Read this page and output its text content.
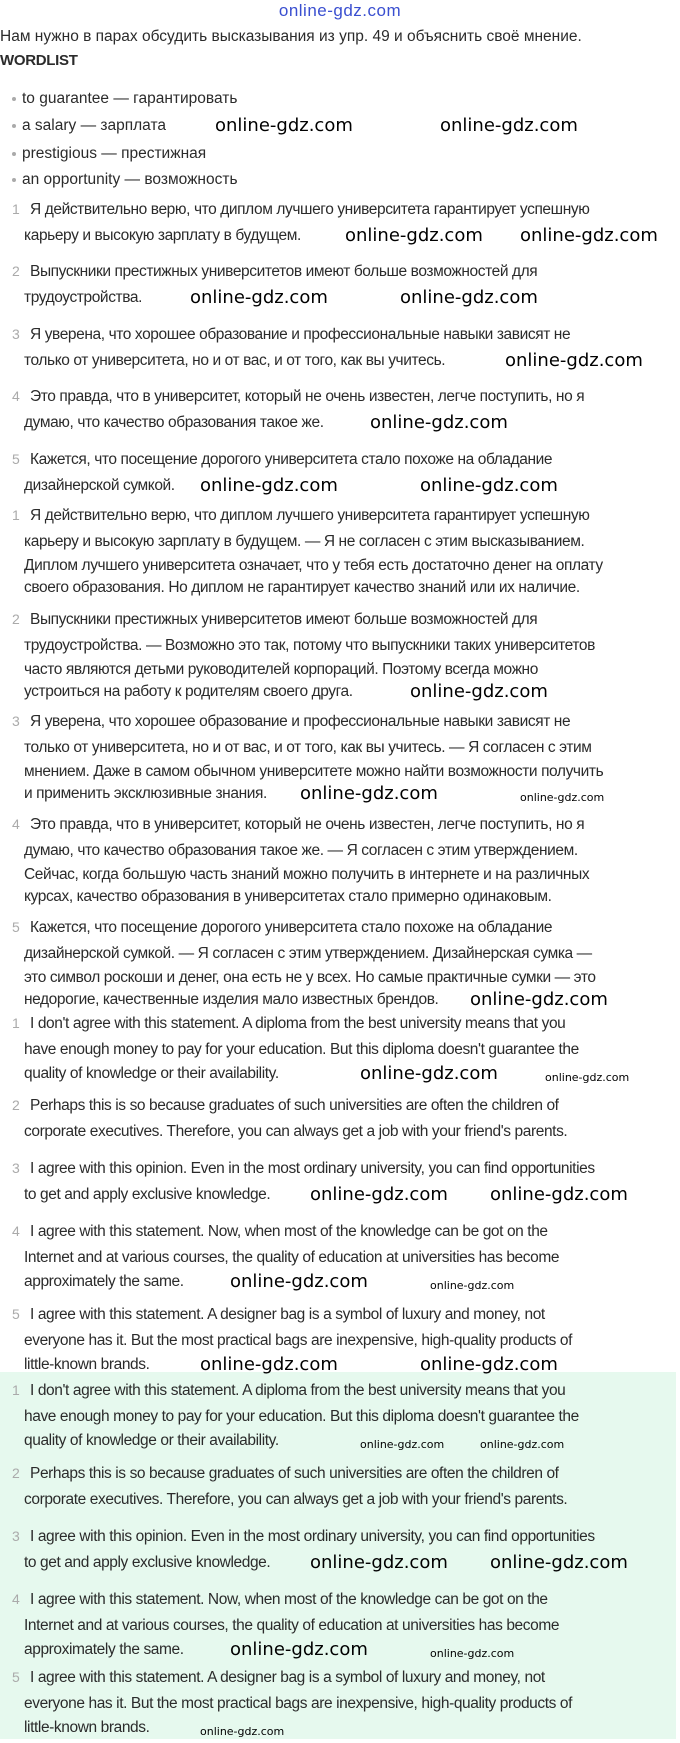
online-gdz.com
Нам нужно в парах обсудить высказывания из упр. 49 и объяснить своё мнение.
WORDLIST
to guarantee — гарантировать
a salary — зарплата
prestigious — престижная
an opportunity — возможность
1 Я действительно верю, что диплом лучшего университета гарантирует успешную
карьеру и высокую зарплату в будущем.
2 Выпускники престижных университетов имеют больше возможностей для
трудоустройства.
3 Я уверена, что хорошее образование и профессиональные навыки зависят не
только от университета, но и от вас, и от того, как вы учитесь.
4 Это правда, что в университет, который не очень известен, легче поступить, но я
думаю, что качество образования такое же.
5 Кажется, что посещение дорогого университета стало похоже на обладание
дизайнерской сумкой.
1 Я действительно верю, что диплом лучшего университета гарантирует успешную
карьеру и высокую зарплату в будущем. — Я не согласен с этим высказыванием.
Диплом лучшего университета означает, что у тебя есть достаточно денег на оплату
своего образования. Но диплом не гарантирует качество знаний или их наличие.
2 Выпускники престижных университетов имеют больше возможностей для
трудоустройства. — Возможно это так, потому что выпускники таких университетов
часто являются детьми руководителей корпораций. Поэтому всегда можно
устроиться на работу к родителям своего друга.
3 Я уверена, что хорошее образование и профессиональные навыки зависят не
только от университета, но и от вас, и от того, как вы учитесь. — Я согласен с этим
мнением. Даже в самом обычном университете можно найти возможности получить
и применить эксклюзивные знания.
4 Это правда, что в университет, который не очень известен, легче поступить, но я
думаю, что качество образования такое же. — Я согласен с этим утверждением.
Сейчас, когда большую часть знаний можно получить в интернете и на различных
курсах, качество образования в университетах стало примерно одинаковым.
5 Кажется, что посещение дорогого университета стало похоже на обладание
дизайнерской сумкой. — Я согласен с этим утверждением. Дизайнерская сумка —
это символ роскоши и денег, она есть не у всех. Но самые практичные сумки — это
недорогие, качественные изделия мало известных брендов.
1 I don't agree with this statement. A diploma from the best university means that you
have enough money to pay for your education. But this diploma doesn't guarantee the
quality of knowledge or their availability.
2 Perhaps this is so because graduates of such universities are often the children of
corporate executives. Therefore, you can always get a job with your friend's parents.
3 I agree with this opinion. Even in the most ordinary university, you can find opportunities
to get and apply exclusive knowledge.
4 I agree with this statement. Now, when most of the knowledge can be got on the
Internet and at various courses, the quality of education at universities has become
approximately the same.
5 I agree with this statement. A designer bag is a symbol of luxury and money, not
everyone has it. But the most practical bags are inexpensive, high-quality products of
little-known brands.
1 I don't agree with this statement. A diploma from the best university means that you
have enough money to pay for your education. But this diploma doesn't guarantee the
quality of knowledge or their availability.
2 Perhaps this is so because graduates of such universities are often the children of
corporate executives. Therefore, you can always get a job with your friend's parents.
3 I agree with this opinion. Even in the most ordinary university, you can find opportunities
to get and apply exclusive knowledge.
4 I agree with this statement. Now, when most of the knowledge can be got on the
Internet and at various courses, the quality of education at universities has become
approximately the same.
5 I agree with this statement. A designer bag is a symbol of luxury and money, not
everyone has it. But the most practical bags are inexpensive, high-quality products of
little-known brands.
online-gdz.com	online-gdz.com
online-gdz.com online-gdz.com
online-gdz.com	online-gdz.com
online-gdz.com
online-gdz.com
online-gdz.com	online-gdz.com
online-gdz.com
online-gdz.com	online-gdz.com
online-gdz.com
online-gdz.com	online-gdz.com
online-gdz.com online-gdz.com
online-gdz.com	online-gdz.com
online-gdz.com	online-gdz.com
online-gdz.com	online-gdz.com
online-gdz.com online-gdz.com
online-gdz.com	online-gdz.com
online-gdz.com
